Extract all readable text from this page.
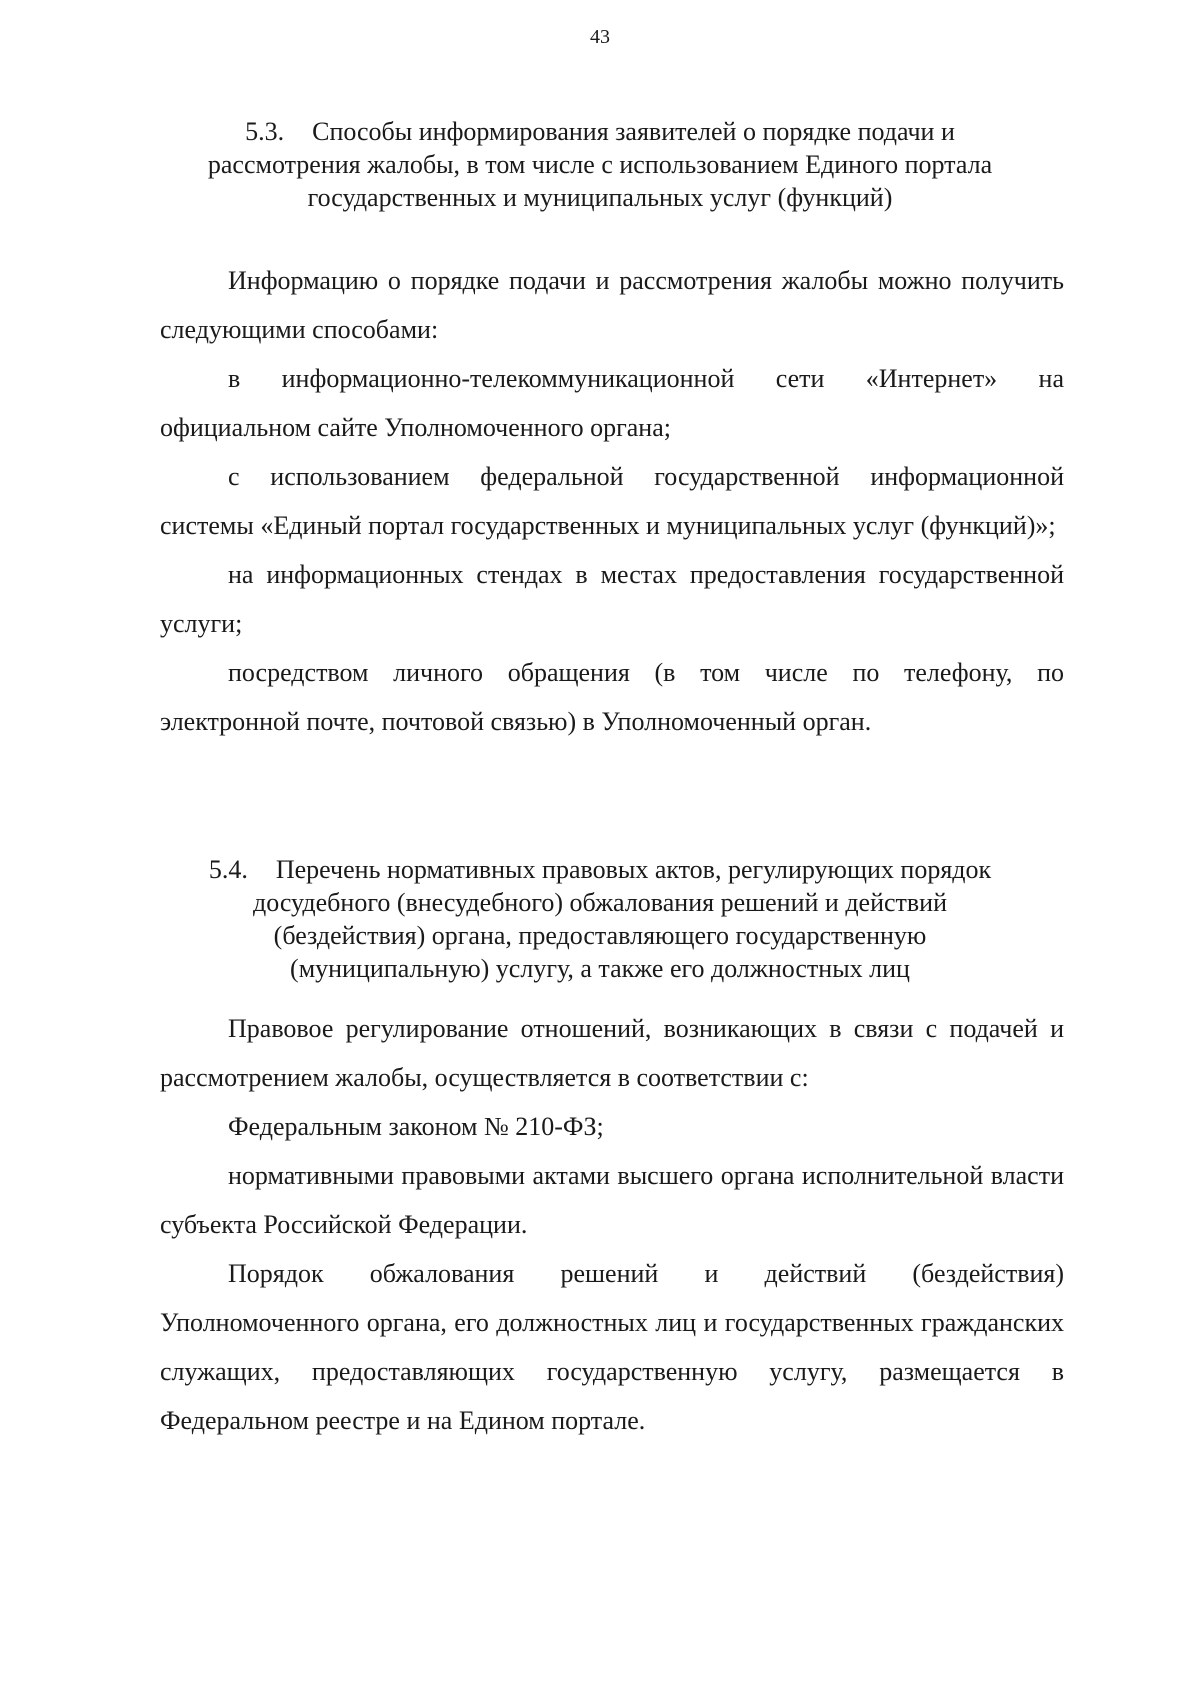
43
5.3. Способы информирования заявителей о порядке подачи и
рассмотрения жалобы, в том числе с использованием Единого портала
государственных и муниципальных услуг (функций)

Информацию о порядке подачи и рассмотрения жалобы можно получить следующими способами:

в информационно-телекоммуникационной сети «Интернет» на официальном сайте Уполномоченного органа;

с использованием федеральной государственной информационной системы «Единый портал государственных и муниципальных услуг (функций)»;

на информационных стендах в местах предоставления государственной услуги;

посредством личного обращения (в том числе по телефону, по электронной почте, почтовой связью) в Уполномоченный орган.

5.4. Перечень нормативных правовых актов, регулирующих порядок
досудебного (внесудебного) обжалования решений и действий
(бездействия) органа, предоставляющего государственную
(муниципальную) услугу, а также его должностных лиц

Правовое регулирование отношений, возникающих в связи с подачей и рассмотрением жалобы, осуществляется в соответствии с:

Федеральным законом № 210-ФЗ;

нормативными правовыми актами высшего органа исполнительной власти субъекта Российской Федерации.

Порядок обжалования решений и действий (бездействия) Уполномоченного органа, его должностных лиц и государственных гражданских служащих, предоставляющих государственную услугу, размещается в Федеральном реестре и на Едином портале.
